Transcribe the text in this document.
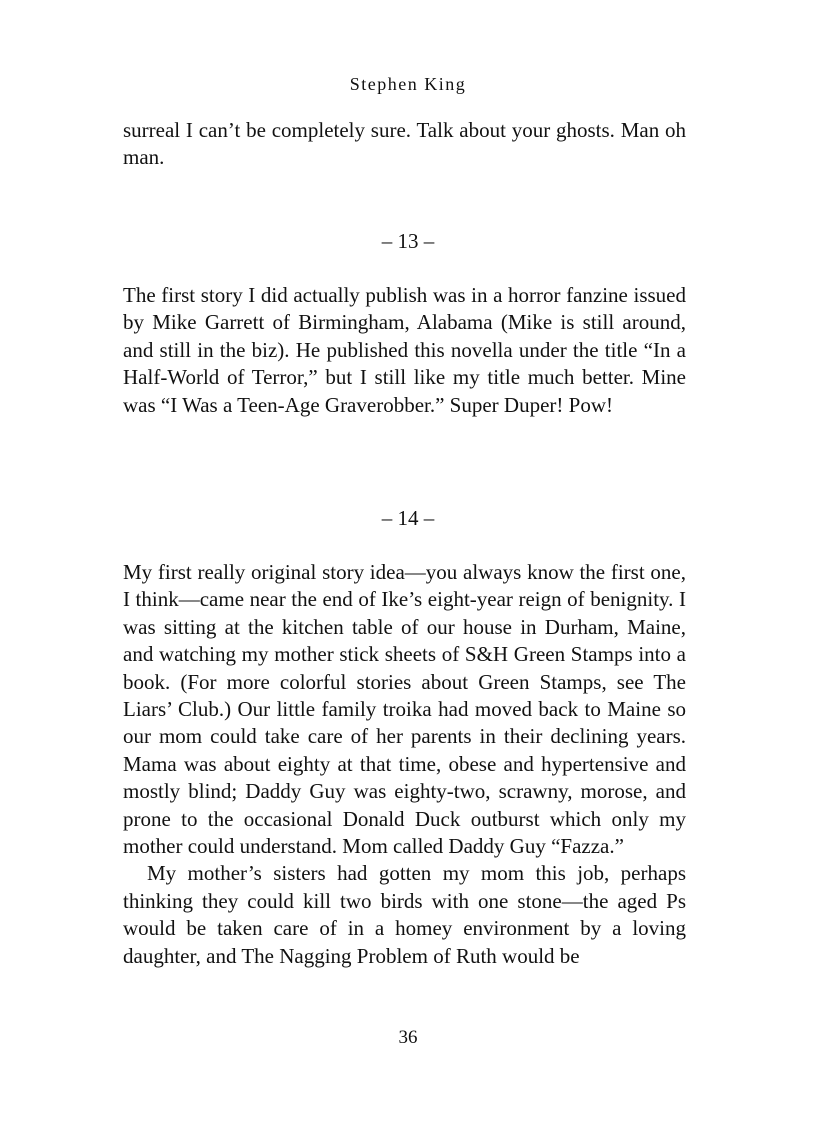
Stephen King

surreal I can’t be completely sure. Talk about your ghosts. Man oh man.

– 13 –

The first story I did actually publish was in a horror fanzine issued by Mike Garrett of Birmingham, Alabama (Mike is still around, and still in the biz). He published this novella under the title “In a Half-World of Terror,” but I still like my title much better. Mine was “I Was a Teen-Age Graverobber.” Super Duper! Pow!

– 14 –

My first really original story idea—you always know the first one, I think—came near the end of Ike’s eight-year reign of benignity. I was sitting at the kitchen table of our house in Durham, Maine, and watching my mother stick sheets of S&H Green Stamps into a book. (For more colorful stories about Green Stamps, see The Liars’ Club.) Our little family troika had moved back to Maine so our mom could take care of her parents in their declining years. Mama was about eighty at that time, obese and hypertensive and mostly blind; Daddy Guy was eighty-two, scrawny, morose, and prone to the occasional Donald Duck outburst which only my mother could understand. Mom called Daddy Guy “Fazza.”

My mother’s sisters had gotten my mom this job, perhaps thinking they could kill two birds with one stone—the aged Ps would be taken care of in a homey environment by a loving daughter, and The Nagging Problem of Ruth would be

36
